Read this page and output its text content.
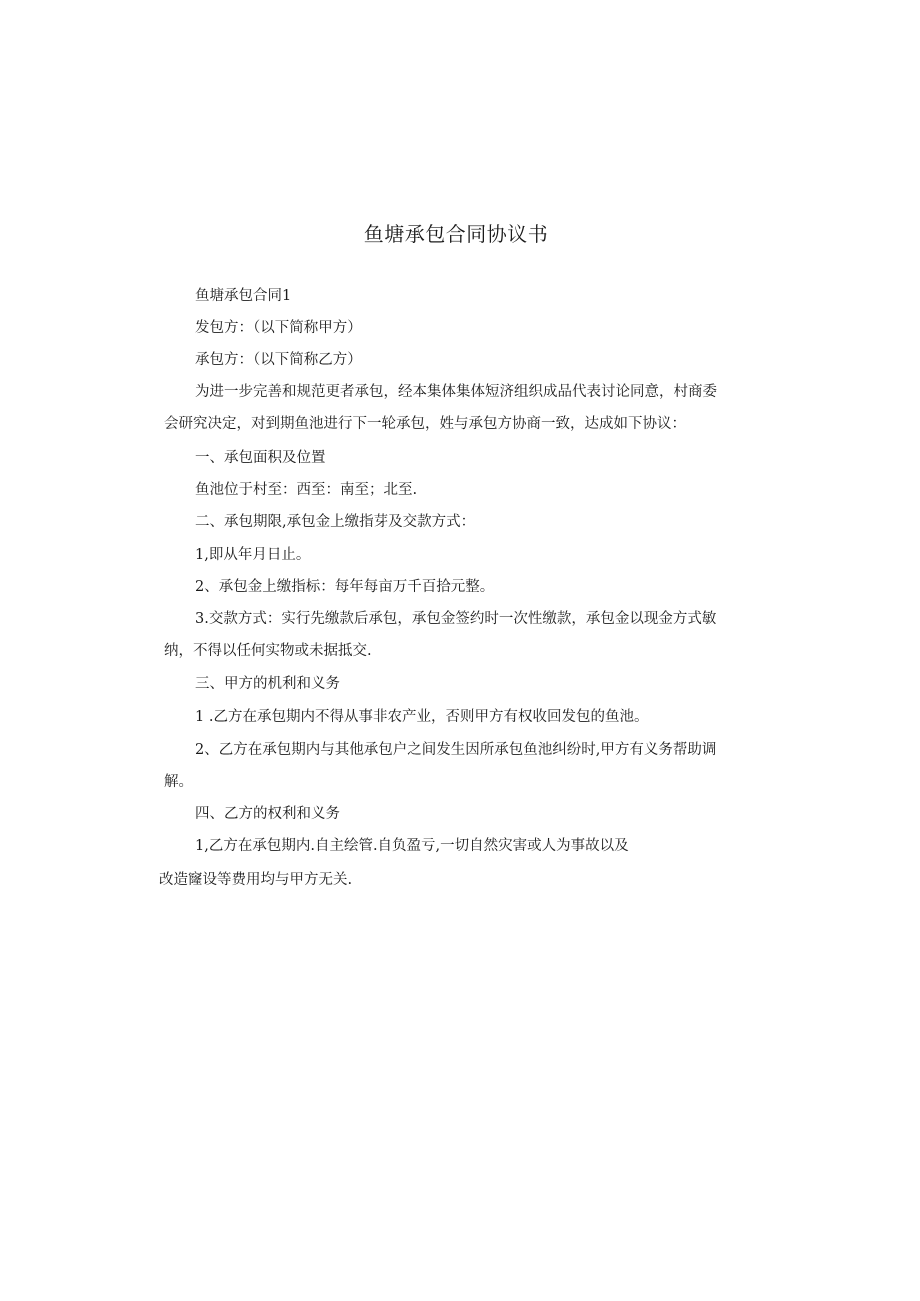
鱼塘承包合同协议书

鱼塘承包合同1

发包方：（以下简称甲方）

承包方：（以下简称乙方）

为进一步完善和规范更者承包，经本集体集体短济组织成品代表讨论同意，村商委

会研究决定，对到期鱼池进行下一轮承包，姓与承包方协商一致，达成如下协议：

一、承包面积及位置

鱼池位于村至：西至：南至；北至.

二、承包期限,承包金上缴指芽及交款方式：

1,即从年月日止。

2、承包金上缴指标：每年每亩万千百拾元整。

3.交款方式：实行先缴款后承包，承包金签约时一次性缴款，承包金以现金方式敏

纳，不得以任何实物或未据抵交.

三、甲方的机利和义务

1 .乙方在承包期内不得从事非农产业，否则甲方有权收回发包的鱼池。

2、乙方在承包期内与其他承包户之间发生因所承包鱼池纠纷时,甲方有义务帮助调

解。

四、乙方的权利和义务

1,乙方在承包期内.自主绘管.自负盈亏,一切自然灾害或人为事故以及

改造窿设等费用均与甲方无关.
